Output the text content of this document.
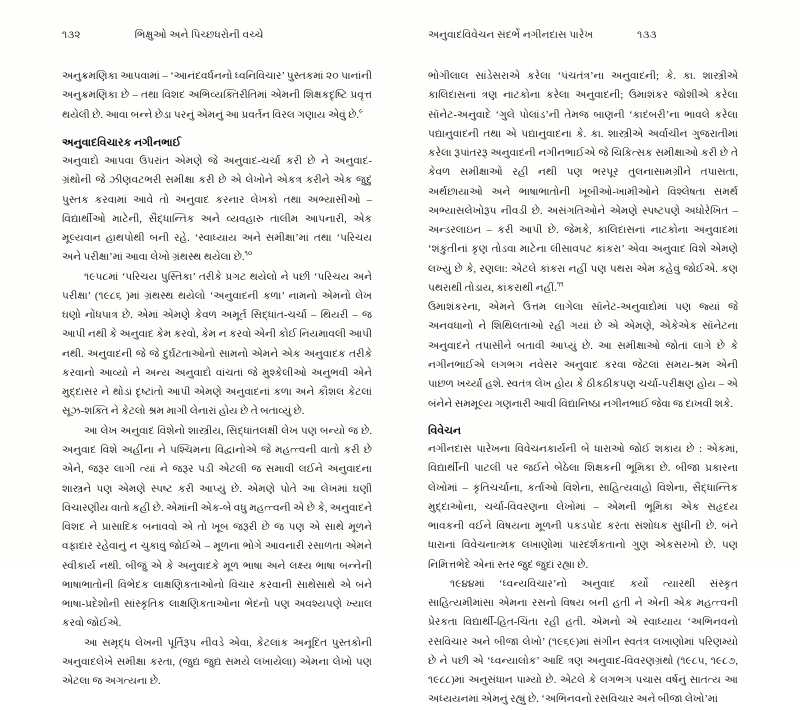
૧૩૨	ભિક્ષુઓ અને પિચ્છધરોની વચ્ચે

અનુક્રમણિકા આપવામાં – ‘આનંદવર્ધનનો ધ્વનિવિચાર’ પુસ્તકમાં ૨૦ પાનાંની અનુક્રમણિકા છે – તથા વિશદ અભિવ્યક્તિરીતિમાં એમની શિક્ષકદૃષ્ટિ પ્રવૃત્ત થયેલી છે. આવા બન્ને છેડા પરનું એમનું આ પ્રવર્તન વિરલ ગણાય એવું છે.$^૯$

અનુવાદવિચારક નગીનભાઈ

અનુવાદો આપવા ઉપરાંત એમણે જે અનુવાદ-ચર્ચા કરી છે ને અનુવાદ-ગ્રંથોની જે ઝીણવટભરી સમીક્ષા કરી છે એ લેખોને એકત્ર કરીને એક જુદું પુસ્તક કરવામાં આવે તો અનુવાદ કરનાર લેખકો તથા અભ્યાસીઓ – વિદ્યાર્થીઓ માટેની, સૈદ્ધાન્તિક અને વ્યવહારુ તાલીમ આપનારી, એક મૂલ્યવાન હાથપોથી બની રહે. ‘સ્વાધ્યાય અને સમીક્ષા’માં તથા ‘પરિચય અને પરીક્ષા’માં આવા લેખો ગ્રંથસ્થ થયેલા છે.$^{૧૦}$

૧૯૫૮માં ‘પરિચય પુસ્તિકા’ તરીકે પ્રગટ થયેલો ને પછી ‘પરિચય અને પરીક્ષા’ (૧૯૮૬ )માં ગ્રંથસ્થ થયેલો ‘અનુવાદની કળા’ નામનો એમનો લેખ ઘણો નોંધપાત્ર છે. એમાં એમણે કેવળ અમૂર્ત સિદ્ધાંત-ચર્ચા – થિયરી – જ આપી નથી કે અનુવાદ કેમ કરવો, કેમ ન કરવો એની કોઈ નિયમાવલી આપી નથી. અનુવાદની જે જે દુર્ઘટતાઓનો સામનો એમને એક અનુવાદક તરીકે કરવાનો આવ્યો ને અન્ય અનુવાદો વાંચતાં જે મુશ્કેલીઓ અનુભવી એને મુદ્દાસર ને થોડાં દૃષ્ટાંતો આપી એમણે અનુવાદનાં કળા અને કૌશલ કેટલાં સૂઝ-શક્તિ ને કેટલો શ્રમ માગી લેનારાં હોય છે તે બતાવ્યું છે.

આ લેખ અનુવાદ વિશેનો શાસ્ત્રીય, સિદ્ધાંતલક્ષી લેખ પણ બન્યો જ છે. અનુવાદ વિશે અહીંના ને પશ્ચિમના વિદ્વાનોએ જે મહત્ત્વની વાતો કરી છે એને, જરૂર લાગી ત્યાં ને જરૂર પડી એટલી જ સમાવી લઈને અનુવાદના શાસ્ત્રને પણ એમણે સ્પષ્ટ કરી આપ્યું છે. એમણે પોતે આ લેખમાં ઘણી વિચારણીય વાતો કહી છે. એમાંની એક-બે વધુ મહત્ત્વની એ છે કે, અનુવાદને વિશદ ને પ્રાસાદિક બનાવવો એ તો ખૂબ જરૂરી છે જ પણ એ સાથે મૂળને વફાદાર રહેવાનું ન ચુકાવું જોઈએ – મૂળના ભોગે આવનારી રસાળતા એમને સ્વીકાર્ય નથી. બીજું એ કે અનુવાદકે મૂળ ભાષા અને લક્ષ્ય ભાષા બન્નેની ભાષાભાતોની વિભેદક લાક્ષણિકતાઓનો વિચાર કરવાની સાથેસાથે એ બંને ભાષા-પ્રદેશોની સાંસ્કૃતિક લાક્ષણિકતાઓના ભેદનો પણ અવશ્યપણે ખ્યાલ કરવો જોઈએ.

આ સમૃદ્ધ લેખની પૂર્તિરૂપ નીવડે એવા, કેટલાંક અનૂદિત પુસ્તકોની અનુવાદલેખે સમીક્ષા કરતા, (જુદ્ય જુદ્ય સમયે લખાયેલા) એમના લેખો પણ એટલા જ અગત્યના છે.

અનુવાદવિવેચન સંદર્ભે નગીનદાસ પારેખ	૧૩૩

ભોગીલાલ સાંડેસરાએ કરેલા ‘પંચતંત્ર’ના અનુવાદની; કે. કા. શાસ્ત્રીએ કાલિદાસનાં ત્રણ નાટકોના કરેલા અનુવાદની; ઉમાશંકર જોશીએ કરેલા સૉનેટ-અનુવાદે ‘ગુલે પોલાંડ’ની તેમજ બાણની ‘કાદંબરી’ના ભાવલે કરેલા પદ્યાનુવાદની તથા એ પદ્યાનુવાદના કે. કા. શાસ્ત્રીએ અર્વાચીન ગુજરાતીમાં કરેલા રૂપાંતરરૂ અનુવાદની નગીનભાઈએ જે ચિકિત્સક સમીક્ષાઓ કરી છે તે કેવળ સમીક્ષાઓ રહી નથી પણ ભરપૂર તુલનાસામગ્રીને તપાસતા, અર્થછાયાઓ અને ભાષાભાતોની ખૂબીઓ-ખામીઓને વિશ્લેષતા સમર્થ અભ્યાસલેખોરૂપ નીવડી છે. અસંગતિઓને એમણે સ્પષ્ટપણે અધોરેખિત – અન્ડરલાઇન – કરી આપી છે. જેમકે, કાલિદાસનાં નાટકોના અનુવાદમાં ‘શંકુંતીનાં કૃણ તોડવા માટેના લીસાવપટ કાંકરા’ એવા અનુવાદ વિશે એમણે લખ્યું છે કે, રણલા: એટલે કાંકરા નહીં પણ પથરા એમ કહેવું જોઈએ. કણ પથરાથી તોડાય, કાંકરાથી નહીં.$^{૧૧}$

ઉમાશંકરના, એમને ઉત્તમ લાગેલા સૉનેટ-અનુવાદોમાં પણ જ્યાં જે અનવધાનો ને શિથિલતાઓ રહી ગયાં છે એ એમણે, એકેએક સૉનેટના અનુવાદને તપાસીને બતાવી આપ્યું છે. આ સમીક્ષાઓ જોતાં લાગે છે કે નગીનભાઈએ લગભગ નવેસર અનુવાદ કરવા જેટલાં સમય-શ્રમ એની પાછળ ખર્ચ્યાં હશે. સ્વતંત્ર લેખ હોય કે ઠીકઠીકપણ ચર્ચા-પરીક્ષણ હોય – એ બંનેને સમમૂલ્ય ગણનારી આવી વિદ્યાનિષ્ઠા નગીનભાઈ જેવા જ દાખવી શકે.

વિવેચન

નગીનદાસ પારેખના વિવેચનકાર્યની બે ધારાઓ જોઈ શકાય છે : એકમાં, વિદ્યાર્થીની પાટલી પર જઈને બેઠેલા શિક્ષકની ભૂમિકા છે. બીજા પ્રકારના લેખોમાં – કૃતિચર્ચાના, કર્તાઓ વિશેના, સાહિત્યવાહો વિશેના, સૈદ્ધાન્તિક મુદ્દાઓના, ચર્ચા-વિવરણના લેખોમાં – એમની ભૂમિકા એક સહૃદય ભાવકની વઈને વિષયના મૂળની પકડપોદ કરતા સંશોધક સુધીની છે. બંને ધારાનાં વિવેચનાત્મક લખાણોમાં પારદર્શકતાનો ગુણ એકસરખો છે. પણ નિમિત્તભેદે એનાં સ્તર જુદં જુદાં રહ્યા છે.

૧૯૪૪માં ‘ધ્વન્યવિચાર’નો અનુવાદ કર્યો ત્યારથી સંસ્કૃત સાહિત્યમીમાંસા એમના રસનો વિષય બની હતી ને એની એક મહત્ત્વની પ્રેરકતા વિદ્યાર્થી-હિત-ચિંતા રહી હતી. એમનો એ સ્વાધ્યાય ‘અભિનવનો રસવિચાર અને બીજા લેખો’ (૧૯૬૯)માં સંગીન સ્વતંત્ર લખાણોમાં પરિણમ્યો છે ને પછી એ ‘ધ્વન્યાલોક’ આદિ ત્રણ અનુવાદ-વિવરણગ્રંથો (૧૯૮૫, ૧૯૮૭, ૧૯૮૮)માં અનુસંધાન પામ્યો છે. એટલે કે લગભગ પચાસ વર્ષનું સાતત્ય આ અધ્યયનમાં એમનું રહ્યું છે. ‘અભિનવનો રસવિચાર અને બીજા લેખો’માં
